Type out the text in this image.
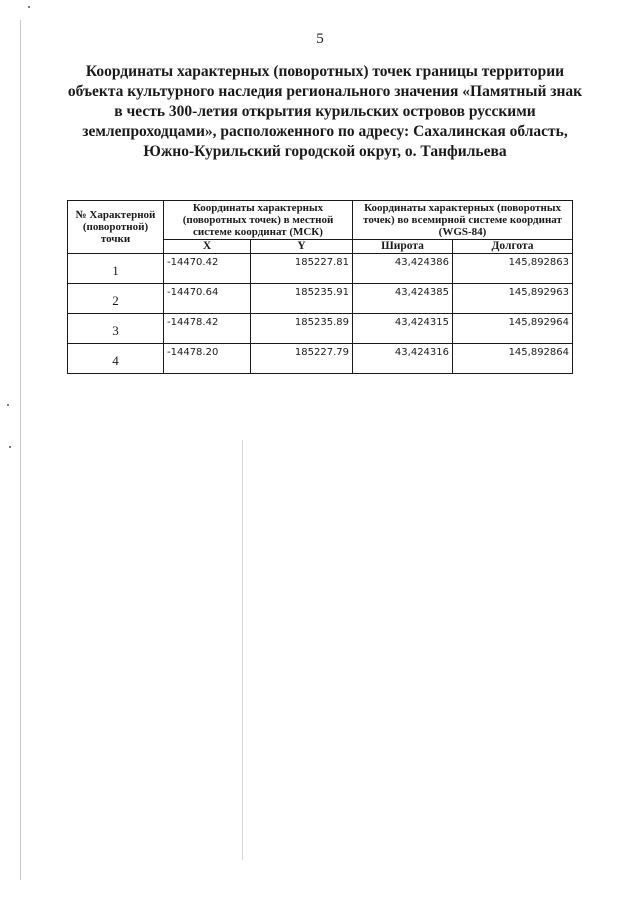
5
Координаты характерных (поворотных) точек границы территории
объекта культурного наследия регионального значения «Памятный знак
в честь 300-летия открытия курильских островов русскими
землепроходцами», расположенного по адресу: Сахалинская область,
Южно-Курильский городской округ, о. Танфильева
№ Характерной (поворотной) точки	Координаты характерных (поворотных точек) в местной системе координат (МСК)		Координаты характерных (поворотных точек) во всемирной системе координат (WGS-84)	
	X	Y	Широта	Долгота
1	-14470.42	185227.81	43,424386	145,892863
2	-14470.64	185235.91	43,424385	145,892963
3	-14478.42	185235.89	43,424315	145,892964
4	-14478.20	185227.79	43,424316	145,892864
